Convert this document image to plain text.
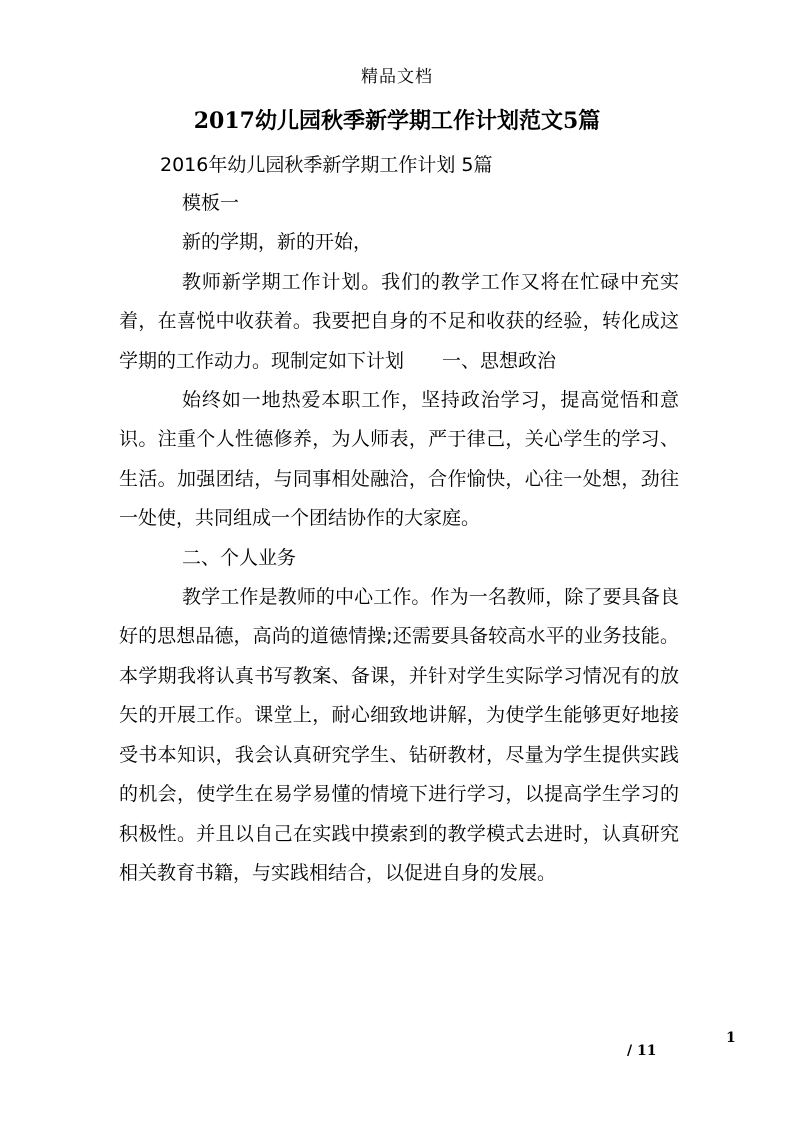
精品文档
2017幼儿园秋季新学期工作计划范文5篇
2016年幼儿园秋季新学期工作计划 5篇

模板一

新的学期，新的开始，

教师新学期工作计划。我们的教学工作又将在忙碌中充实着，在喜悦中收获着。我要把自身的不足和收获的经验，转化成这学期的工作动力。现制定如下计划　　一、思想政治

始终如一地热爱本职工作，坚持政治学习，提高觉悟和意识。注重个人性德修养，为人师表，严于律己，关心学生的学习、生活。加强团结，与同事相处融洽，合作愉快，心往一处想，劲往一处使，共同组成一个团结协作的大家庭。

二、个人业务

教学工作是教师的中心工作。作为一名教师，除了要具备良好的思想品德，高尚的道德情操;还需要具备较高水平的业务技能。本学期我将认真书写教案、备课，并针对学生实际学习情况有的放矢的开展工作。课堂上，耐心细致地讲解，为使学生能够更好地接受书本知识，我会认真研究学生、钻研教材，尽量为学生提供实践的机会，使学生在易学易懂的情境下进行学习，以提高学生学习的积极性。并且以自己在实践中摸索到的教学模式去进时，认真研究相关教育书籍，与实践相结合，以促进自身的发展。

1
/ 11
